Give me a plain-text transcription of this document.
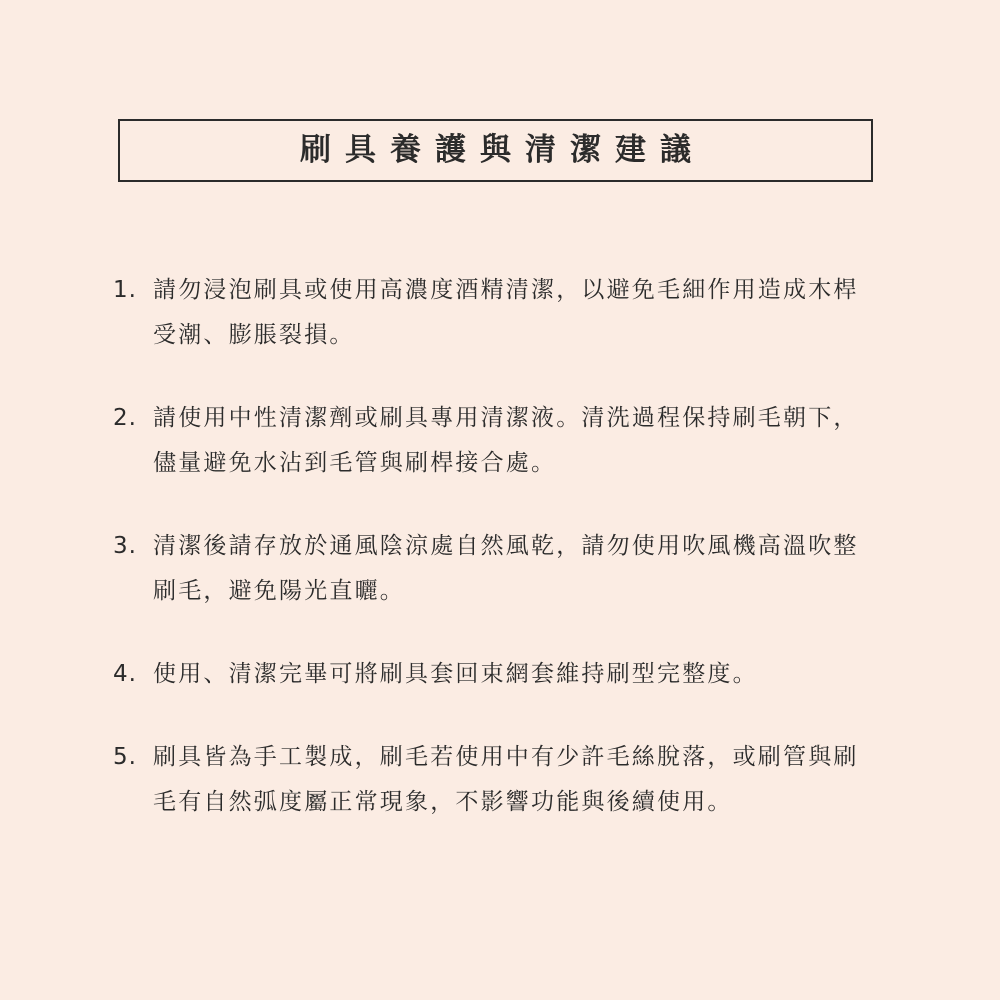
刷具養護與清潔建議
1. 請勿浸泡刷具或使用高濃度酒精清潔，以避免毛細作用造成木桿受潮、膨脹裂損。
2. 請使用中性清潔劑或刷具專用清潔液。清洗過程保持刷毛朝下，儘量避免水沾到毛管與刷桿接合處。
3. 清潔後請存放於通風陰涼處自然風乾，請勿使用吹風機高溫吹整刷毛，避免陽光直曬。
4. 使用、清潔完畢可將刷具套回束網套維持刷型完整度。
5. 刷具皆為手工製成，刷毛若使用中有少許毛絲脫落，或刷管與刷毛有自然弧度屬正常現象，不影響功能與後續使用。
